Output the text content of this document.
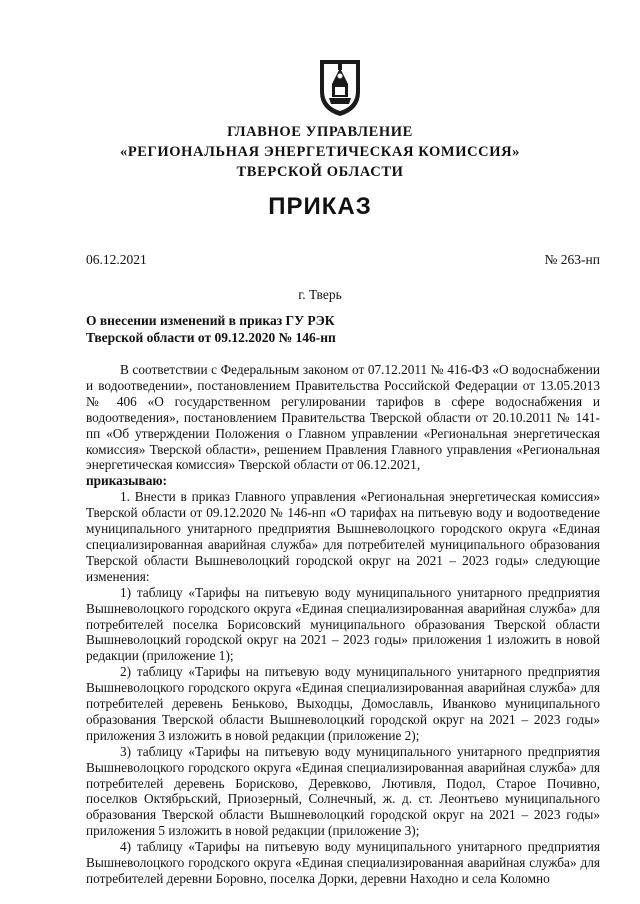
ГЛАВНОЕ УПРАВЛЕНИЕ
«РЕГИОНАЛЬНАЯ ЭНЕРГЕТИЧЕСКАЯ КОМИССИЯ»
ТВЕРСКОЙ ОБЛАСТИ
ПРИКАЗ
06.12.2021	№ 263-нп
г. Тверь
О внесении изменений в приказ ГУ РЭК Тверской области от 09.12.2020 № 146-нп

В соответствии с Федеральным законом от 07.12.2011 № 416-ФЗ «О водоснабжении и водоотведении», постановлением Правительства Российской Федерации от 13.05.2013 № 406 «О государственном регулировании тарифов в сфере водоснабжения и водоотведения», постановлением Правительства Тверской области от 20.10.2011 № 141-пп «Об утверждении Положения о Главном управлении «Региональная энергетическая комиссия» Тверской области», решением Правления Главного управления «Региональная энергетическая комиссия» Тверской области от 06.12.2021,

приказываю:

1. Внести в приказ Главного управления «Региональная энергетическая комиссия» Тверской области от 09.12.2020 № 146-нп «О тарифах на питьевую воду и водоотведение муниципального унитарного предприятия Вышневолоцкого городского округа «Единая специализированная аварийная служба» для потребителей муниципального образования Тверской области Вышневолоцкий городской округ на 2021 – 2023 годы» следующие изменения:

1) таблицу «Тарифы на питьевую воду муниципального унитарного предприятия Вышневолоцкого городского округа «Единая специализированная аварийная служба» для потребителей поселка Борисовский муниципального образования Тверской области Вышневолоцкий городской округ на 2021 – 2023 годы» приложения 1 изложить в новой редакции (приложение 1);

2) таблицу «Тарифы на питьевую воду муниципального унитарного предприятия Вышневолоцкого городского округа «Единая специализированная аварийная служба» для потребителей деревень Бенькoво, Выходцы, Домославль, Иванково муниципального образования Тверской области Вышневолоцкий городской округ на 2021 – 2023 годы» приложения 3 изложить в новой редакции (приложение 2);

3) таблицу «Тарифы на питьевую воду муниципального унитарного предприятия Вышневолоцкого городского округа «Единая специализированная аварийная служба» для потребителей деревень Борисково, Деревково, Лютивля, Подол, Старое Почивно, поселков Октябрьский, Приозерный, Солнечный, ж. д. ст. Леонтьево муниципального образования Тверской области Вышневолоцкий городской округ на 2021 – 2023 годы» приложения 5 изложить в новой редакции (приложение 3);

4) таблицу «Тарифы на питьевую воду муниципального унитарного предприятия Вышневолоцкого городского округа «Единая специализированная аварийная служба» для потребителей деревни Боровно, поселка Дорки, деревни Находно и села Коломно
